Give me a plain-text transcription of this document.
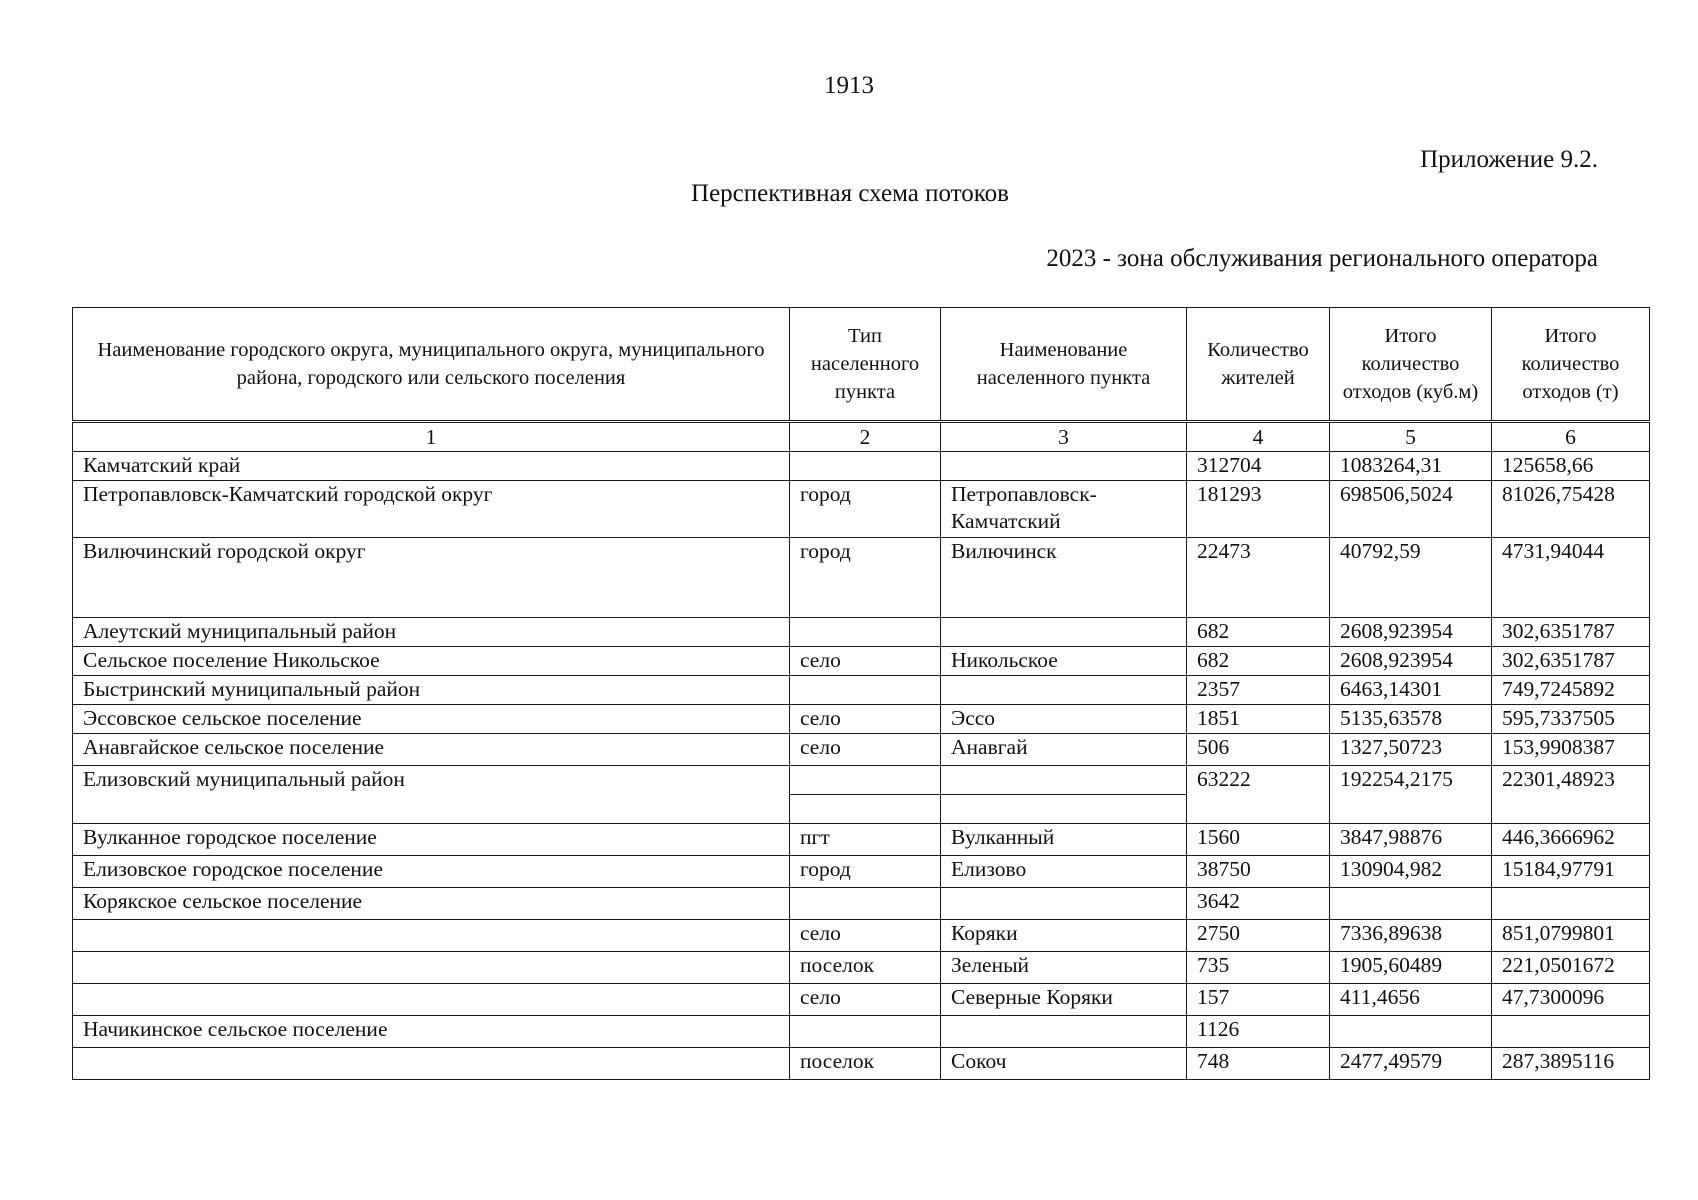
1913
Приложение 9.2.
Перспективная схема потоков
2023 - зона обслуживания регионального оператора
Наименование городского округа, муниципального округа, муниципального района, городского или сельского поселения	Тип населенного пункта	Наименование населенного пункта	Количество жителей	Итого количество отходов (куб.м)	Итого количество отходов (т)
1	2	3	4	5	6
Камчатский край			312704	1083264,31	125658,66
Петропавловск-Камчатский городской округ	город	Петропавловск-Камчатский	181293	698506,5024	81026,75428
Вилючинский городской округ	город	Вилючинск	22473	40792,59	4731,94044
Алеутский муниципальный район			682	2608,923954	302,6351787
Сельское поселение Никольское	село	Никольское	682	2608,923954	302,6351787
Быстринский муниципальный район			2357	6463,14301	749,7245892
Эссовское сельское поселение	село	Эссо	1851	5135,63578	595,7337505
Анавгайское сельское поселение	село	Анавгай	506	1327,50723	153,9908387
Елизовский муниципальный район			63222	192254,2175	22301,48923

Вулканное городское поселение	пгт	Вулканный	1560	3847,98876	446,3666962
Елизовское городское поселение	город	Елизово	38750	130904,982	15184,97791
Корякское сельское поселение			3642		
	село	Коряки	2750	7336,89638	851,0799801
	поселок	Зеленый	735	1905,60489	221,0501672
	село	Северные Коряки	157	411,4656	47,7300096
Начикинское сельское поселение			1126		
	поселок	Сокоч	748	2477,49579	287,3895116
